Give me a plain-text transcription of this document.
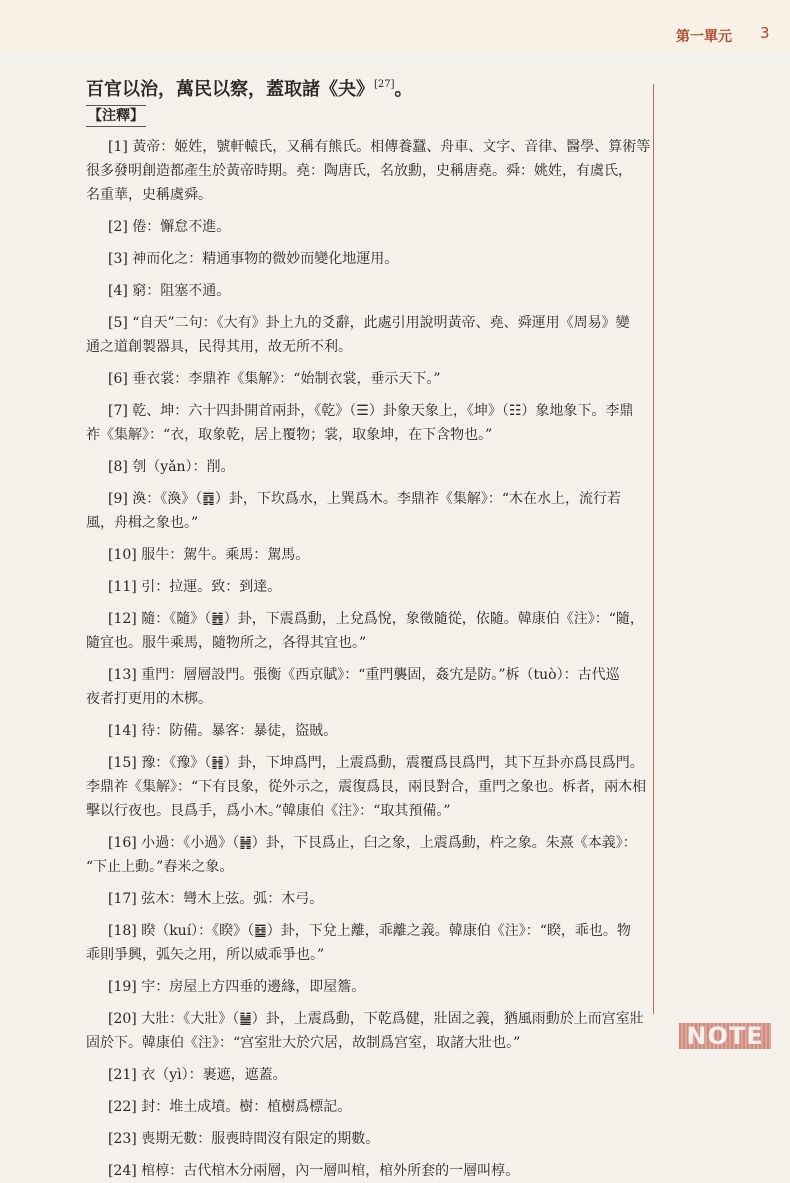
第一單元 3
百官以治，萬民以察，蓋取諸《夬》[27]。
【注釋】
[1] 黃帝：姬姓，號軒轅氏，又稱有熊氏。相傳養蠶、舟車、文字、音律、醫學、算術等
很多發明創造都產生於黃帝時期。堯：陶唐氏，名放勳，史稱唐堯。舜：姚姓，有虞氏，
名重華，史稱虞舜。
[2] 倦：懈怠不進。
[3] 神而化之：精通事物的微妙而變化地運用。
[4] 窮：阻塞不通。
[5] “自天”二句：《大有》卦上九的爻辭，此處引用說明黃帝、堯、舜運用《周易》變
通之道創製器具，民得其用，故无所不利。
[6] 垂衣裳：李鼎祚《集解》：“始制衣裳，垂示天下。”
[7] 乾、坤：六十四卦開首兩卦，《乾》（☰）卦象天象上，《坤》（☷）象地象下。李鼎
祚《集解》：“衣，取象乾，居上覆物；裳，取象坤，在下含物也。”
[8] 刳（yǎn）：削。
[9] 渙：《渙》（䷺）卦，下坎爲水，上巽爲木。李鼎祚《集解》：“木在水上，流行若
風，舟楫之象也。”
[10] 服牛：駕牛。乘馬：駕馬。
[11] 引：拉運。致：到達。
[12] 隨：《隨》（䷐）卦，下震爲動，上兌爲悅，象徵隨從，依隨。韓康伯《注》：“隨，
隨宜也。服牛乘馬，隨物所之，各得其宜也。”
[13] 重門：層層設門。張衡《西京賦》：“重門襲固，姦宄是防。”柝（tuò）：古代巡
夜者打更用的木梆。
[14] 待：防備。暴客：暴徒，盜賊。
[15] 豫：《豫》（䷏）卦，下坤爲門，上震爲動，震覆爲艮爲門，其下互卦亦爲艮爲門。
李鼎祚《集解》：“下有艮象，從外示之，震復爲艮，兩艮對合，重門之象也。柝者，兩木相
擊以行夜也。艮爲手，爲小木。”韓康伯《注》：“取其預備。”
[16] 小過：《小過》（䷽）卦，下艮爲止，臼之象，上震爲動，杵之象。朱熹《本義》：
“下止上動。”舂米之象。
[17] 弦木：彎木上弦。弧：木弓。
[18] 睽（kuí）：《睽》（䷥）卦，下兌上離，乖離之義。韓康伯《注》：“睽，乖也。物
乖則爭興，弧矢之用，所以威乖爭也。”
[19] 宇：房屋上方四垂的邊緣，即屋簷。
[20] 大壯：《大壯》（䷡）卦，上震爲動，下乾爲健，壯固之義，猶風雨動於上而宫室壯
固於下。韓康伯《注》：“宫室壯大於穴居，故制爲宫室，取諸大壯也。”
[21] 衣（yì）：裹遮，遮蓋。
[22] 封：堆土成墳。樹：植樹爲標記。
[23] 喪期无數：服喪時間沒有限定的期數。
[24] 棺椁：古代棺木分兩層，內一層叫棺，棺外所套的一層叫椁。
NOTE
